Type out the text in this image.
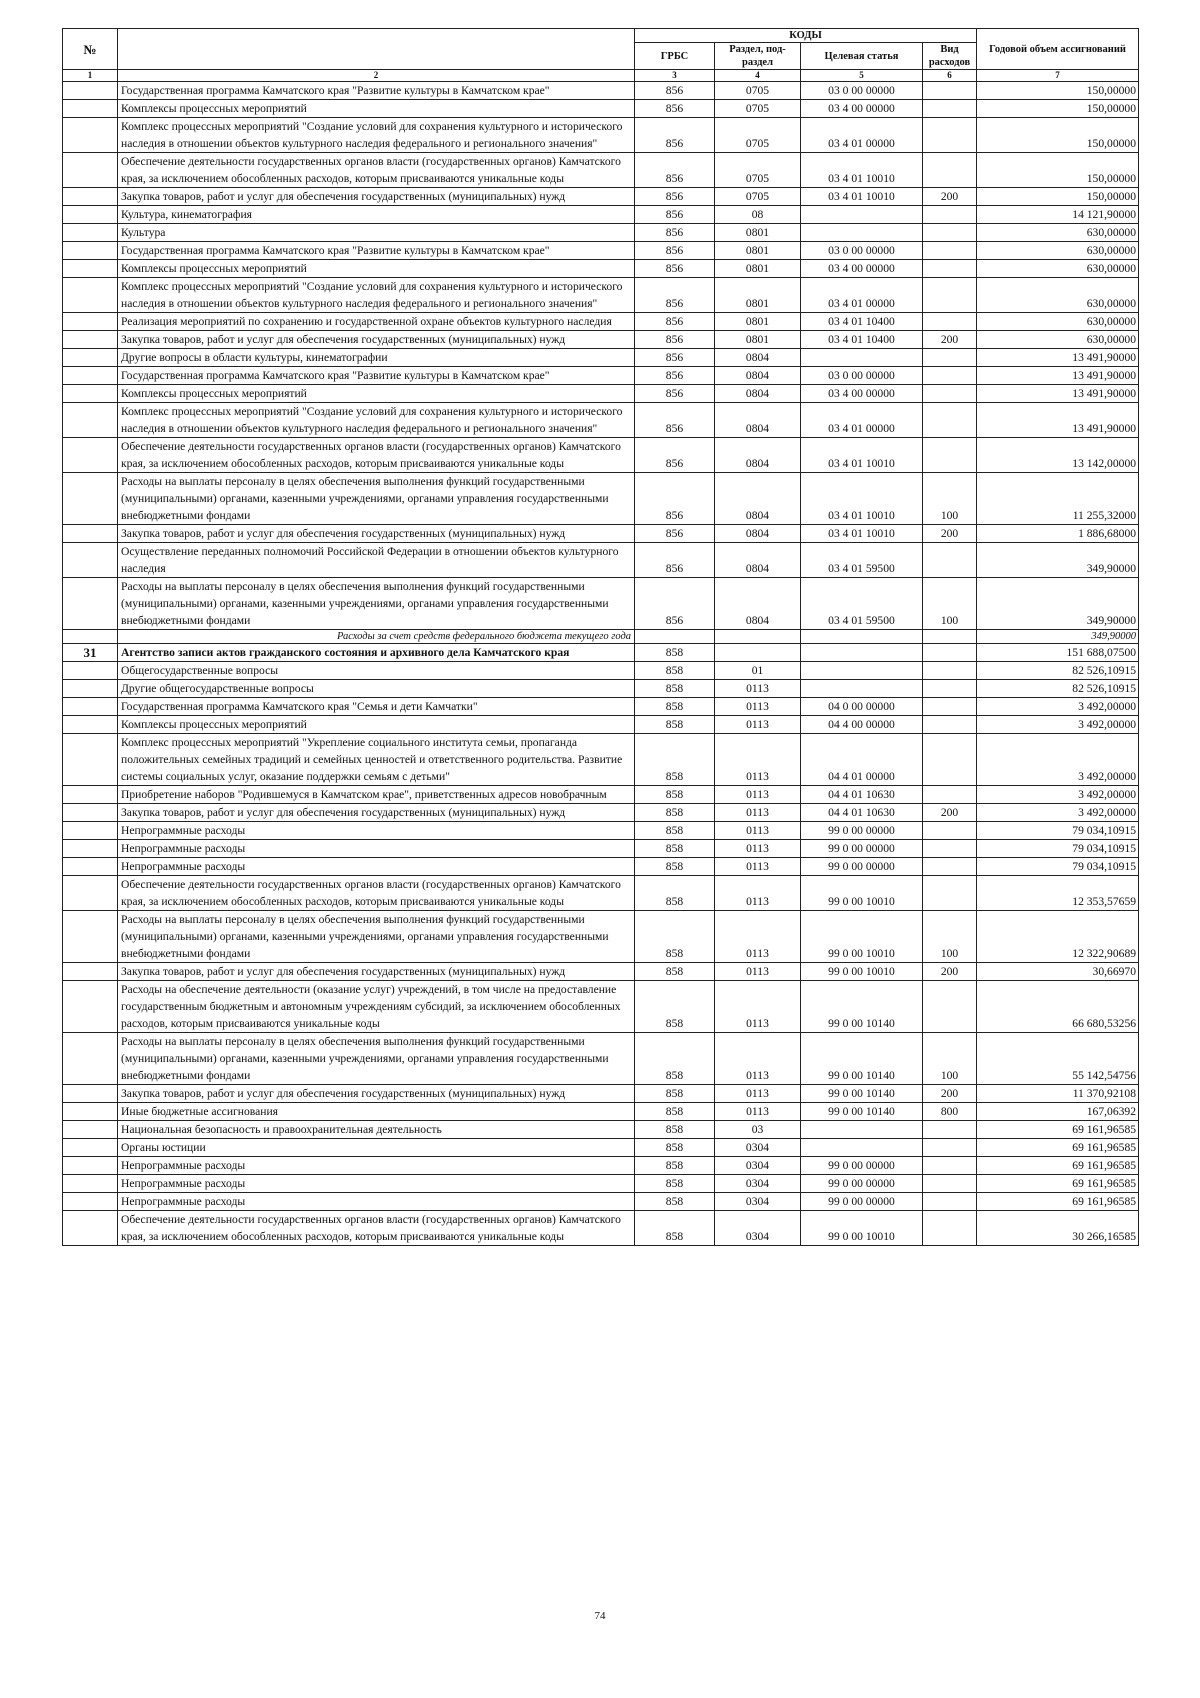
№		КОДЫ				Годовой объем ассигнований
		ГРБС	Раздел, под-раздел	Целевая статья	Вид расходов	
1	2	3	4	5	6	7
	Государственная программа Камчатского края "Развитие культуры в Камчатском крае"	856	0705	03 0 00 00000		150,00000
	Комплексы процессных мероприятий	856	0705	03 4 00 00000		150,00000
	Комплекс процессных мероприятий "Создание условий для сохранения культурного и исторического наследия в отношении объектов культурного наследия федерального и регионального значения"	856	0705	03 4 01 00000		150,00000
	Обеспечение деятельности государственных органов власти (государственных органов) Камчатского края, за исключением обособленных расходов, которым присваиваются уникальные коды	856	0705	03 4 01 10010		150,00000
	Закупка товаров, работ и услуг для обеспечения государственных (муниципальных) нужд	856	0705	03 4 01 10010	200	150,00000
	Культура, кинематография	856	08			14 121,90000
	Культура	856	0801			630,00000
	Государственная программа Камчатского края "Развитие культуры в Камчатском крае"	856	0801	03 0 00 00000		630,00000
	Комплексы процессных мероприятий	856	0801	03 4 00 00000		630,00000
	Комплекс процессных мероприятий "Создание условий для сохранения культурного и исторического наследия в отношении объектов культурного наследия федерального и регионального значения"	856	0801	03 4 01 00000		630,00000
	Реализация мероприятий по сохранению и государственной охране объектов культурного наследия	856	0801	03 4 01 10400		630,00000
	Закупка товаров, работ и услуг для обеспечения государственных (муниципальных) нужд	856	0801	03 4 01 10400	200	630,00000
	Другие вопросы в области культуры, кинематографии	856	0804			13 491,90000
	Государственная программа Камчатского края "Развитие культуры в Камчатском крае"	856	0804	03 0 00 00000		13 491,90000
	Комплексы процессных мероприятий	856	0804	03 4 00 00000		13 491,90000
	Комплекс процессных мероприятий "Создание условий для сохранения культурного и исторического наследия в отношении объектов культурного наследия федерального и регионального значения"	856	0804	03 4 01 00000		13 491,90000
	Обеспечение деятельности государственных органов власти (государственных органов) Камчатского края, за исключением обособленных расходов, которым присваиваются уникальные коды	856	0804	03 4 01 10010		13 142,00000
	Расходы на выплаты персоналу в целях обеспечения выполнения функций государственными (муниципальными) органами, казенными учреждениями, органами управления государственными внебюджетными фондами	856	0804	03 4 01 10010	100	11 255,32000
	Закупка товаров, работ и услуг для обеспечения государственных (муниципальных) нужд	856	0804	03 4 01 10010	200	1 886,68000
	Осуществление переданных полномочий Российской Федерации в отношении объектов культурного наследия	856	0804	03 4 01 59500		349,90000
	Расходы на выплаты персоналу в целях обеспечения выполнения функций государственными (муниципальными) органами, казенными учреждениями, органами управления государственными внебюджетными фондами	856	0804	03 4 01 59500	100	349,90000
	Расходы за счет средств федерального бюджета текущего года					349,90000
31	Агентство записи актов гражданского состояния и архивного дела Камчатского края	858				151 688,07500
	Общегосударственные вопросы	858	01			82 526,10915
	Другие общегосударственные вопросы	858	0113			82 526,10915
	Государственная программа Камчатского края "Семья и дети Камчатки"	858	0113	04 0 00 00000		3 492,00000
	Комплексы процессных мероприятий	858	0113	04 4 00 00000		3 492,00000
	Комплекс процессных мероприятий "Укрепление социального института семьи, пропаганда положительных семейных традиций и семейных ценностей и ответственного родительства. Развитие системы социальных услуг, оказание поддержки семьям с детьми"	858	0113	04 4 01 00000		3 492,00000
	Приобретение наборов "Родившемуся в Камчатском крае", приветственных адресов новобрачным	858	0113	04 4 01 10630		3 492,00000
	Закупка товаров, работ и услуг для обеспечения государственных (муниципальных) нужд	858	0113	04 4 01 10630	200	3 492,00000
	Непрограммные расходы	858	0113	99 0 00 00000		79 034,10915
	Непрограммные расходы	858	0113	99 0 00 00000		79 034,10915
	Непрограммные расходы	858	0113	99 0 00 00000		79 034,10915
	Обеспечение деятельности государственных органов власти (государственных органов) Камчатского края, за исключением обособленных расходов, которым присваиваются уникальные коды	858	0113	99 0 00 10010		12 353,57659
	Расходы на выплаты персоналу в целях обеспечения выполнения функций государственными (муниципальными) органами, казенными учреждениями, органами управления государственными внебюджетными фондами	858	0113	99 0 00 10010	100	12 322,90689
	Закупка товаров, работ и услуг для обеспечения государственных (муниципальных) нужд	858	0113	99 0 00 10010	200	30,66970
	Расходы на обеспечение деятельности (оказание услуг) учреждений, в том числе на предоставление государственным бюджетным и автономным учреждениям субсидий, за исключением обособленных расходов, которым присваиваются уникальные коды	858	0113	99 0 00 10140		66 680,53256
	Расходы на выплаты персоналу в целях обеспечения выполнения функций государственными (муниципальными) органами, казенными учреждениями, органами управления государственными внебюджетными фондами	858	0113	99 0 00 10140	100	55 142,54756
	Закупка товаров, работ и услуг для обеспечения государственных (муниципальных) нужд	858	0113	99 0 00 10140	200	11 370,92108
	Иные бюджетные ассигнования	858	0113	99 0 00 10140	800	167,06392
	Национальная безопасность и правоохранительная деятельность	858	03			69 161,96585
	Органы юстиции	858	0304			69 161,96585
	Непрограммные расходы	858	0304	99 0 00 00000		69 161,96585
	Непрограммные расходы	858	0304	99 0 00 00000		69 161,96585
	Непрограммные расходы	858	0304	99 0 00 00000		69 161,96585
	Обеспечение деятельности государственных органов власти (государственных органов) Камчатского края, за исключением обособленных расходов, которым присваиваются уникальные коды	858	0304	99 0 00 10010		30 266,16585
74
